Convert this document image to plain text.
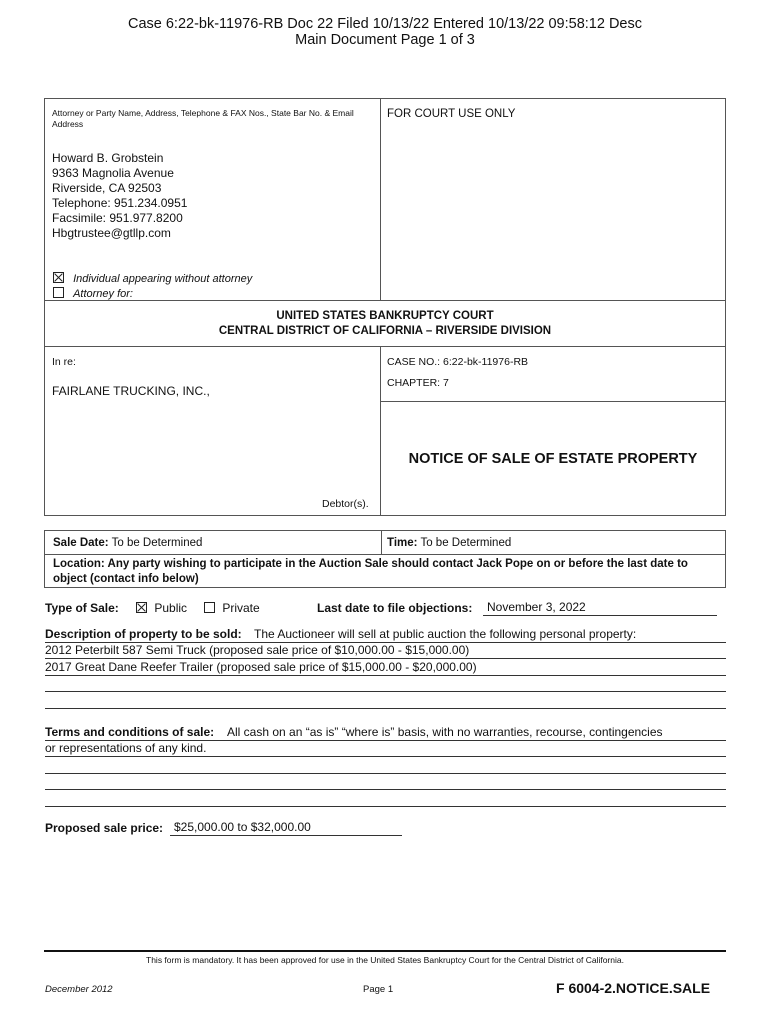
Case 6:22-bk-11976-RB Doc 22 Filed 10/13/22 Entered 10/13/22 09:58:12 Desc
Main Document Page 1 of 3
Attorney or Party Name, Address, Telephone & FAX Nos., State Bar No. & Email Address
Howard B. Grobstein
9363 Magnolia Avenue
Riverside, CA 92503
Telephone: 951.234.0951
Facsimile: 951.977.8200
Hbgtrustee@gtllp.com
Individual appearing without attorney
Attorney for:
FOR COURT USE ONLY
UNITED STATES BANKRUPTCY COURT
CENTRAL DISTRICT OF CALIFORNIA – RIVERSIDE DIVISION
In re:
FAIRLANE TRUCKING, INC.,
Debtor(s).
CASE NO.: 6:22-bk-11976-RB
CHAPTER: 7
NOTICE OF SALE OF ESTATE PROPERTY
Sale Date: To be Determined	Time: To be Determined
Location: Any party wishing to participate in the Auction Sale should contact Jack Pope on or before the last date to object (contact info below)
Type of Sale:	Public	Private	Last date to file objections:	November 3, 2022
Description of property to be sold: The Auctioneer will sell at public auction the following personal property:
2012 Peterbilt 587 Semi Truck (proposed sale price of $10,000.00 - $15,000.00)
2017 Great Dane Reefer Trailer (proposed sale price of $15,000.00 - $20,000.00)
Terms and conditions of sale: All cash on an “as is” “where is” basis, with no warranties, recourse, contingencies
or representations of any kind.
Proposed sale price: $25,000.00 to $32,000.00
This form is mandatory. It has been approved for use in the United States Bankruptcy Court for the Central District of California.
December 2012	Page 1	F 6004-2.NOTICE.SALE
